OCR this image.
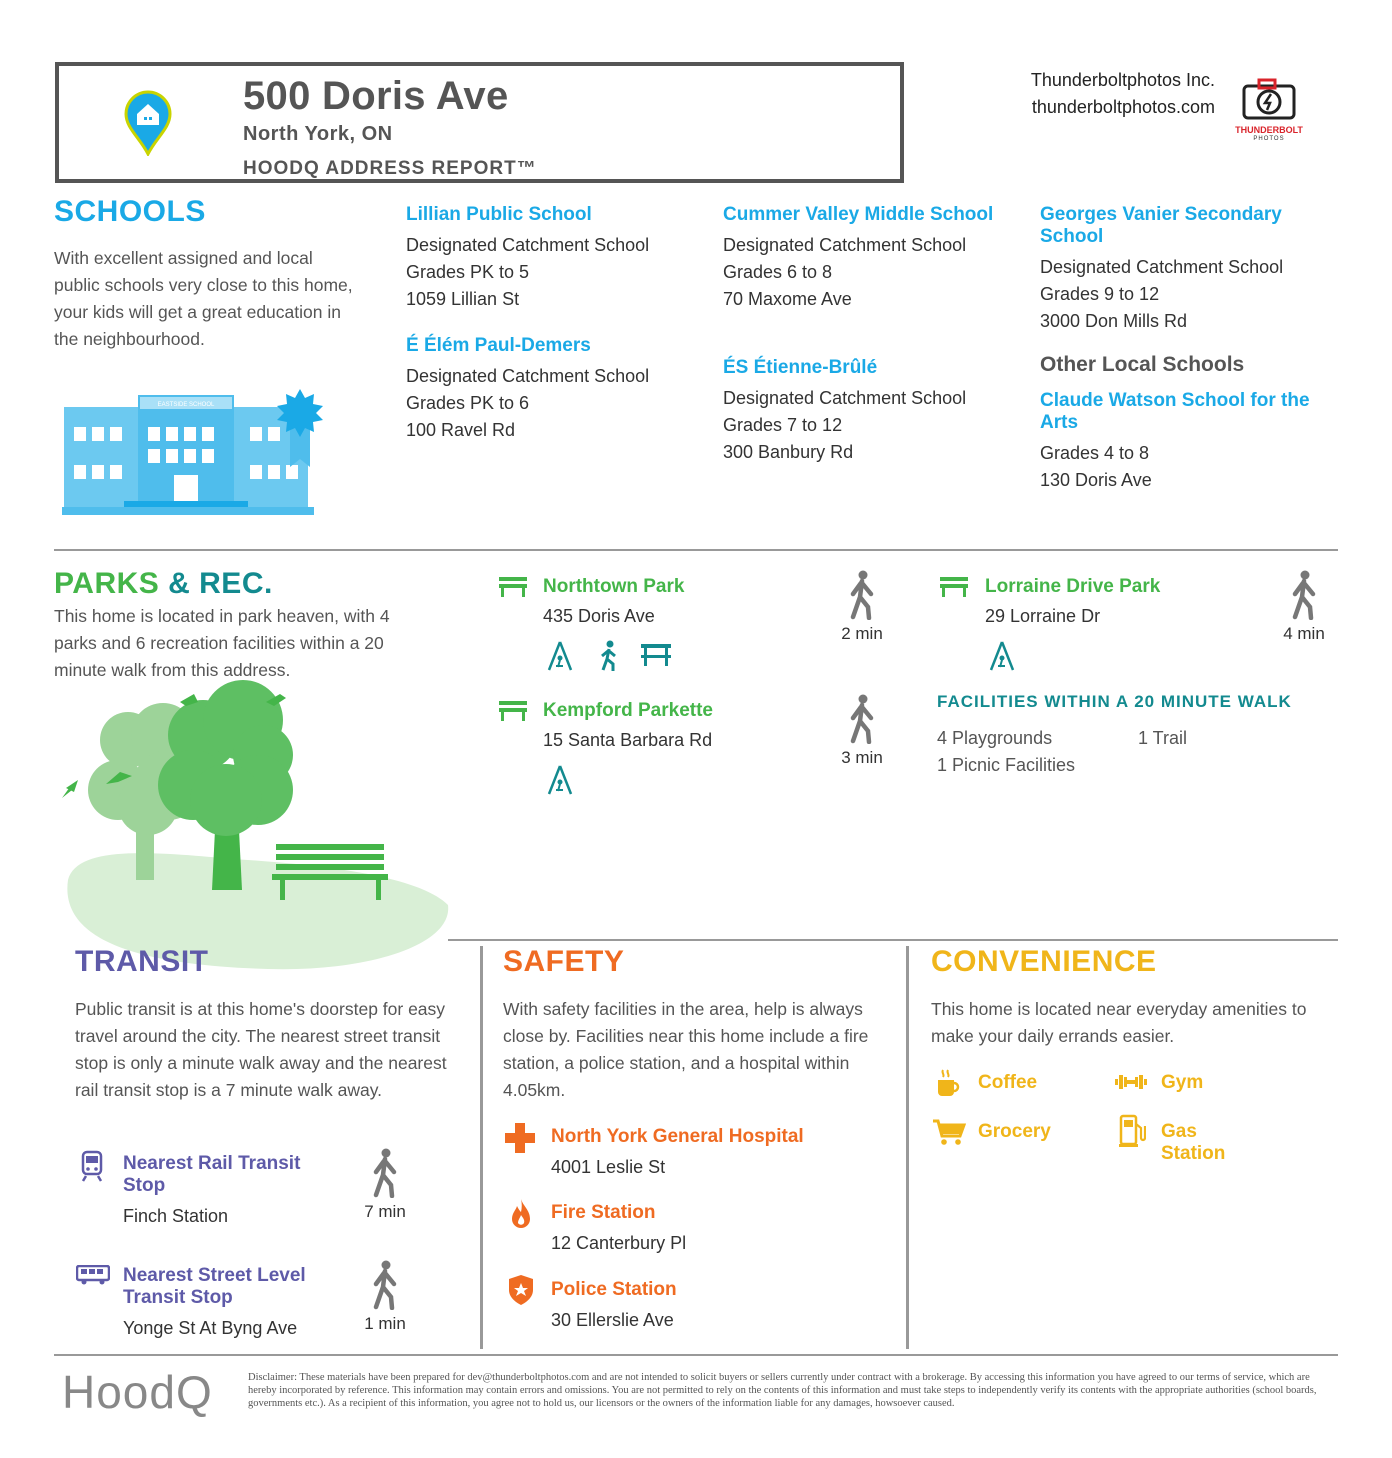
500 Doris Ave
North York, ON
HOODQ ADDRESS REPORT™
Thunderboltphotos Inc.
thunderboltphotos.com
THUNDERBOLT
PHOTOS
SCHOOLS
With excellent assigned and local public schools very close to this home, your kids will get a great education in the neighbourhood.
EASTSIDE SCHOOL
Lillian Public School
Designated Catchment School
Grades PK to 5
1059 Lillian St
É Élém Paul-Demers
Designated Catchment School
Grades PK to 6
100 Ravel Rd
Cummer Valley Middle School
Designated Catchment School
Grades 6 to 8
70 Maxome Ave
ÉS Étienne-Brûlé
Designated Catchment School
Grades 7 to 12
300 Banbury Rd
Georges Vanier Secondary School
Designated Catchment School
Grades 9 to 12
3000 Don Mills Rd
Other Local Schools
Claude Watson School for the Arts
Grades 4 to 8
130 Doris Ave
PARKS & REC.
This home is located in park heaven, with 4 parks and 6 recreation facilities within a 20 minute walk from this address.
Northtown Park
435 Doris Ave
2 min
Kempford Parkette
15 Santa Barbara Rd
3 min
Lorraine Drive Park
29 Lorraine Dr
4 min
FACILITIES WITHIN A 20 MINUTE WALK
4 Playgrounds	1 Trail
1 Picnic Facilities
TRANSIT
Public transit is at this home's doorstep for easy travel around the city. The nearest street transit stop is only a minute walk away and the nearest rail transit stop is a 7 minute walk away.
Nearest Rail Transit Stop
Finch Station	7 min
Nearest Street Level Transit Stop
Yonge St At Byng Ave	1 min
SAFETY
With safety facilities in the area, help is always close by. Facilities near this home include a fire station, a police station, and a hospital within 4.05km.
North York General Hospital
4001 Leslie St
Fire Station
12 Canterbury Pl
Police Station
30 Ellerslie Ave
CONVENIENCE
This home is located near everyday amenities to make your daily errands easier.
Coffee	Gym
Grocery	Gas Station
HoodQ	Disclaimer: These materials have been prepared for dev@thunderboltphotos.com and are not intended to solicit buyers or sellers currently under contract with a brokerage. By accessing this information you have agreed to our terms of service, which are hereby incorporated by reference. This information may contain errors and omissions. You are not permitted to rely on the contents of this information and must take steps to independently verify its contents with the appropriate authorities (school boards, governments etc.). As a recipient of this information, you agree not to hold us, our licensors or the owners of the information liable for any damages, howsoever caused.
